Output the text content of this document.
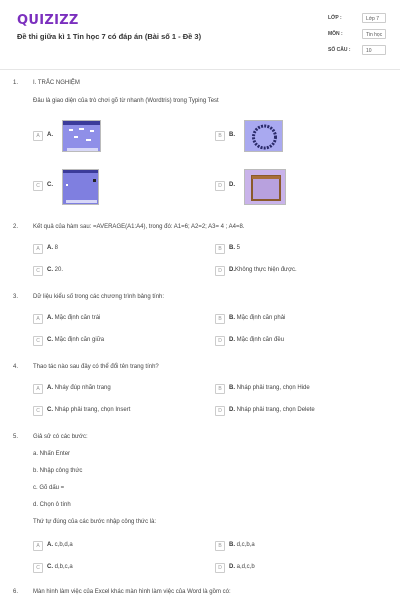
QUIZIZZ
Đề thi giữa kì 1 Tin học 7 có đáp án (Bài số 1 - Đề 3)
LỚP :	Lớp 7
MÔN :	Tin học
SỐ CÂU :	10
1. I. TRẮC NGHIỆM
Đâu là giao diện của trò chơi gõ từ nhanh (Wordtris) trong Typing Test
A	A.	B	B.
C	C.	D	D.
2. Kết quả của hàm sau: =AVERAGE(A1:A4), trong đó: A1=6; A2=2; A3= 4 ; A4=8.
A	A. 8	B	B. 5
C	C. 20.	D	D.Không thực hiện được.
3. Dữ liệu kiểu số trong các chương trình bảng tính:
A	A. Mặc định căn trái	B	B. Mặc định căn phải
C	C. Mặc định căn giữa	D	D. Mặc định căn đều
4. Thao tác nào sau đây có thể đổi tên trang tính?
A	A. Nháy đúp nhãn trang	B	B. Nháp phải trang, chọn Hide
C	C. Nháp phải trang, chọn Insert	D	D. Nháp phải trang, chọn Delete
5. Giả sử có các bước:
a. Nhấn Enter
b. Nhập công thức
c. Gõ dấu =
d. Chọn ô tính
Thứ tự đúng của các bước nhập công thức là:
A	A. c,b,d,a	B	B. d,c,b,a
C	C. d,b,c,a	D	D. a,d,c,b
6. Màn hình làm việc của Excel khác màn hình làm việc của Word là gồm có:
